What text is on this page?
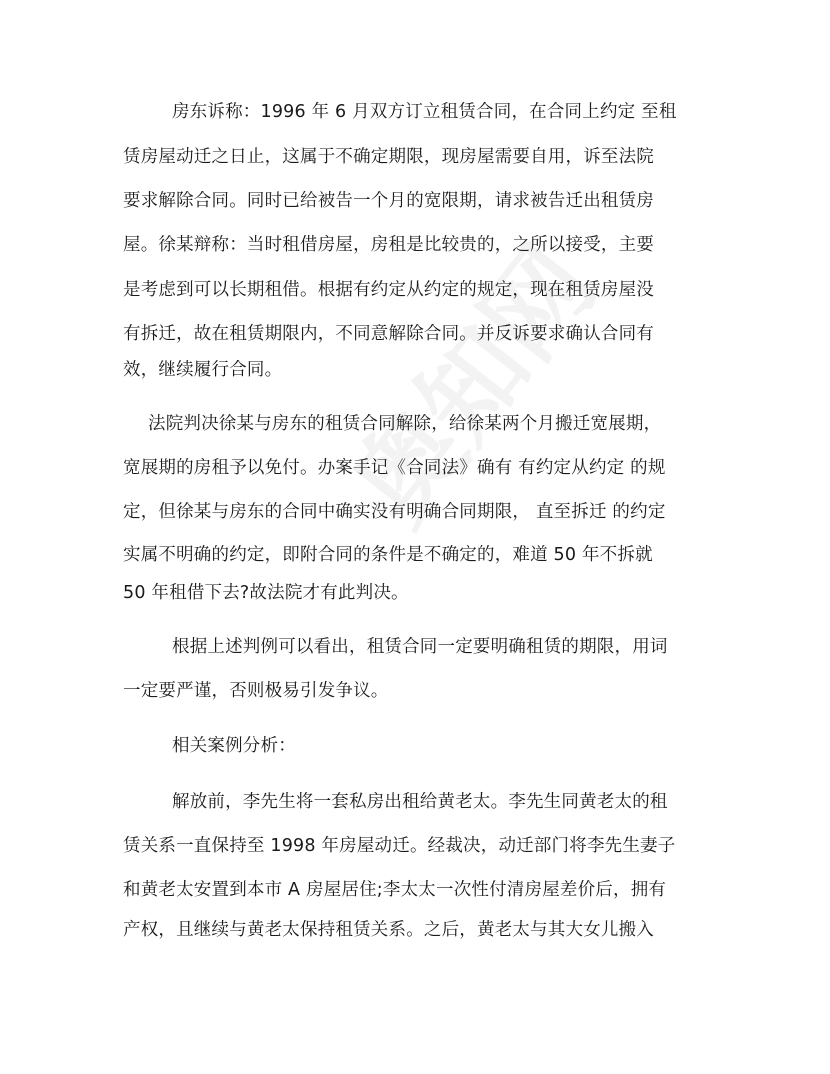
房东诉称：1996 年 6 月双方订立租赁合同，在合同上约定 至租
赁房屋动迁之日止，这属于不确定期限，现房屋需要自用，诉至法院
要求解除合同。同时已给被告一个月的宽限期，请求被告迁出租赁房
屋。徐某辩称：当时租借房屋，房租是比较贵的，之所以接受，主要
是考虑到可以长期租借。根据有约定从约定的规定，现在租赁房屋没
有拆迁，故在租赁期限内，不同意解除合同。并反诉要求确认合同有
效，继续履行合同。
法院判决徐某与房东的租赁合同解除，给徐某两个月搬迁宽展期，
宽展期的房租予以免付。办案手记《合同法》确有 有约定从约定 的规
定，但徐某与房东的合同中确实没有明确合同期限， 直至拆迁 的约定
实属不明确的约定，即附合同的条件是不确定的，难道 50 年不拆就
50 年租借下去?故法院才有此判决。
根据上述判例可以看出，租赁合同一定要明确租赁的期限，用词
一定要严谨，否则极易引发争议。
相关案例分析：
解放前，李先生将一套私房出租给黄老太。李先生同黄老太的租
赁关系一直保持至 1998 年房屋动迁。经裁决，动迁部门将李先生妻子
和黄老太安置到本市 A 房屋居住;李太太一次性付清房屋差价后，拥有
产权，且继续与黄老太保持租赁关系。之后，黄老太与其大女儿搬入
